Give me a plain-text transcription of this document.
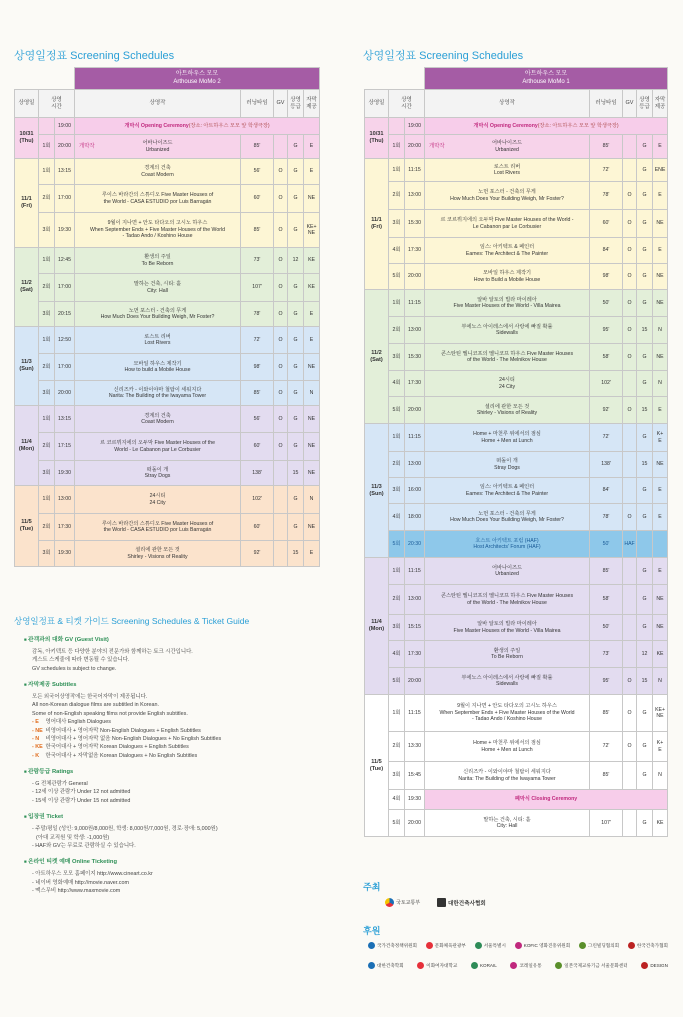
상영일정표 Screening Schedules	상영일정표 Screening Schedules
			아트하우스 모모
Arthouse MoMo 2					
상영일	상영
시간		상영작	러닝타임	GV	상영
등급	자막
제공	
10/31
(Thu)		19:00	개막식 Opening Ceremony(장소: 아트하우스 모모 앞 학생극장)					
	1회	20:00	개막작
어바나이즈드
Urbanized	85'		G	E	
11/1
(Fri)	1회	13:15	경계의 건축
Coast Modern	56'	O	G	E	
	2회	17:00	루이스 바라간의 스튜디오 Five Master Houses of
the World - CASA ESTUDIO por Luis Barragán	60'	O	G	NE	
	3회	19:30	9월이 지나면 + 안도 타다오의 고시노 하우스
When September Ends + Five Master Houses of the World
- Tadao Ando / Koshino House	85'	O	G	KE+
NE	
11/2
(Sat)	1회	12:45	환생의 주일
To Be Reborn	73'	O	12	KE	
	2회	17:00	말하는 건축, 시티: 홀
City: Hall	107'	O	G	KE	
	3회	20:15	노먼 포스터 - 건축의 무게
How Much Does Your Building Weigh, Mr Foster?	78'	O	G	E	
11/3
(Sun)	1회	12:50	로스트 리버
Lost Rivers	72'	O	G	E	
	2회	17:00	모바일 하우스 제작기
How to build a Mobile House	98'	O	G	NE	
	3회	20:00	신리즈카 - 이와이야마 철탑이 세워지다
Narita: The Building of the Iwayama Tower	85'	O	G	N	
11/4
(Mon)	1회	13:15	경계의 건축
Coast Modern	56'	O	G	NE	
	2회	17:15	르 코르뷔지에의 오두막 Five Master Houses of the
World - Le Cabanon par Le Corbusier	60'	O	G	NE	
	3회	19:30	떠돌이 개
Stray Dogs	138'		15	NE	
11/5
(Tue)	1회	13:00	24시티
24 City	102'		G	N	
	2회	17:30	루이스 바라간의 스튜디오 Five Master Houses of
the World - CASA ESTUDIO por Luis Barragán	60'		G	NE	
	3회	19:30	셜리에 관한 모든 것
Shirley - Visions of Reality	92'		15	E	
			아트하우스 모모
Arthouse MoMo 1					
상영일	상영
시간		상영작	러닝타임	GV	상영
등급	자막
제공	
10/31
(Thu)		19:00	개막식 Opening Ceremony(장소: 아트하우스 모모 앞 학생극장)					
	1회	20:00	개막작
어바나이즈드
Urbanized	85'		G	E	
11/1
(Fri)	1회	11:15	로스트 리버
Lost Rivers	72'		G	ENE	
	2회	13:00	노먼 포스터 - 건축의 무게
How Much Does Your Building Weigh, Mr Foster?	78'	O	G	E	
	3회	15:30	르 코르뷔지에의 오두막 Five Master Houses of the World -
Le Cabanon par Le Corbusier	60'	O	G	NE	
	4회	17:30	임스: 아키텍트 & 페인터
Eames: The Architect & The Painter	84'	O	G	E	
	5회	20:00	모바일 하우스 제작기
How to Build a Mobile House	98'	O	G	NE	
11/2
(Sat)	1회	11:15	알바 알토의 빌라 마이레아
Five Master Houses of the World - Villa Mairea	50'	O	G	NE	
	2회	13:00	부에노스 아이레스에서 사랑에 빠질 확률
Sidewalls	95'	O	15	N	
	3회	15:30	콘스탄틴 멜니코프의 멜니코프 하우스 Five Master Houses
of the World - The Melnikov House	58'	O	G	NE	
	4회	17:30	24시티
24 City	102'		G	N	
	5회	20:00	셜리에 관한 모든 것
Shirley - Visions of Reality	92'	O	15	E	
11/3
(Sun)	1회	11:15	Home + 마천루 위에서의 점심
Home + Men at Lunch	72'		G	K+
E	
	2회	13:00	떠돌이 개
Stray Dogs	138'		15	NE	
	3회	16:00	임스: 아키텍트 & 페인터
Eames: The Architect & The Painter	84'		G	E	
	4회	18:00	노먼 포스터 - 건축의 무게
How Much Does Your Building Weigh, Mr Foster?	78'	O	G	E	
	5회	20:30	호스트 아키텍트 포럼 (HAF)
Host Architects' Forum (HAF)	50'	HAF			
11/4
(Mon)	1회	11:15	어바나이즈드
Urbanized	85'		G	E	
	2회	13:00	콘스탄틴 멜니코프의 멜니코프 하우스 Five Master Houses
of the World - The Melnikov House	58'		G	NE	
	3회	15:15	알바 알토의 빌라 마이레아
Five Master Houses of the World - Villa Mairea	50'		G	NE	
	4회	17:30	환생의 주일
To Be Reborn	73'		12	KE	
	5회	20:00	부에노스 아이레스에서 사랑에 빠질 확률
Sidewalls	95'	O	15	N	
11/5
(Tue)	1회	11:15	9월이 지나면 + 안도 타다오의 고시노 하우스
When September Ends + Five Master Houses of the World
- Tadao Ando / Koshino House	85'	O	G	KE+
NE	
	2회	13:30	Home + 마천루 위에서의 점심
Home + Men at Lunch	72'	O	G	K+
E	
	3회	15:45	신리즈카 - 이와이야마 철탑이 세워지다
Narita: The Building of the Iwayama Tower	85'		G	N	
	4회	19:30	폐막식 Closing Ceremony					
	5회	20:00	말하는 건축, 시티: 홀
City: Hall	107'		G	KE	
상영일정표 & 티켓 가이드 Screening Schedules & Ticket Guide
■ 관객과의 대화 GV (Guest Visit)
감독, 아키텍트 등 다양한 분야의 전문가와 함께하는 토크 시간입니다.
게스트 스케줄에 따라 변동될 수 있습니다.
GV schedules is subject to change.
■ 자막제공 Subtitles
모든 외국어상영작에는 한국어자막이 제공됩니다.
All non-Korean dialogue films are subtitled in Korean.
Some of non-English speaking films not provide English subtitles.
- E 영어대사 English Dialogues
- NE 비영어대사 + 영어자막 Non-English Dialogues + English Subtitles
- N 비영어대사 + 영어자막 없음 Non-English Dialogues + No English Subtitles
- KE 한국어대사 + 영어자막 Korean Dialogues + English Subtitles
- K 한국어대사 + 자막없음 Korean Dialogues + No English Subtitles
■ 관람등급 Ratings
- G 전체관람가 General
- 12세 이상 관람가 Under 12 not admitted
- 15세 이상 관람가 Under 15 not admitted
■ 입장권 Ticket
- 주말/평일 (성인: 9,000원/8,000원, 학생: 8,000원/7,000원, 경로·장애: 5,000원)
(아대 교직원 및 학생: -1,000원)
- HAF와 GV는 무료로 관람하실 수 있습니다.
■ 온라인 티켓 예매 Online Ticketing
- 아트하우스 모모 홈페이지 http://www.cineart.co.kr
- 네이버 영화예매 http://movie.naver.com
- 맥스무비 http://www.maxmovie.com	주최
국토교통부	대한건축사협회
후원
국가건축정책위원회	문화체육관광부	서울특별시	KOFIC 영화진흥위원회	그린빌딩협의회	한국건축가협회
대한건축학회	이화여자대학교	KORAIL	코레일유통	일본국제교류기금 서울문화센터	DESIGN
